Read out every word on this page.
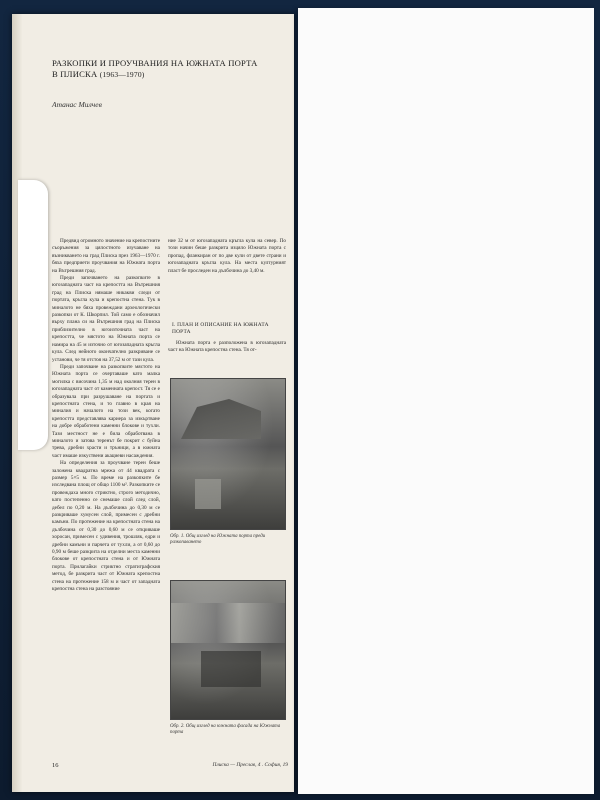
РАЗКОПКИ И ПРОУЧВАНИЯ НА ЮЖНАТА ПОРТА
В ПЛИСКА (1963—1970)
Атанас Милчев

Предвид огромното значение на крепостните съоръжения за цялостното изучаване на възникването на град Плиска през 1963—1970 г. бяха предприети проучвания на Южната порта на Вътрешния град.

Преди започването на разкопките в югозападната част на крепостта на Вътрешния град на Плиска нямаше никакви следи от портата, кръгла кула и крепостна стена. Тук в миналото не бяха провеждани археологически разкопки от К. Шкорпил. Той само е обозначил върху плана си на Вътрешния град на Плиска приблизително в югоизточната част на крепостта, че мястото на Южната порта се намира на 45 м източно от югозападната кръгла кула. След нейното окончателно разкриване се установи, че тя отстоя на 37,52 м от тази кула.

Преди започване на разкопките мястото на Южната порта се очертаваше като малка могилка с височина 1,35 м над околния терен в югозападната част от каменната крепост. Тя се е образувала при разрушаване на портата и крепостната стена, и то главно в края на миналия и началото на този век, когато крепостта представлява кариера за изкъртване на добре обработени каменни блокове и тухли. Тази местност не е била обработвана в миналото и затова теренът бе покрит с буйна трева, дребни храсти и тръници, а в южната част имаше изкуствени акациеви насаждения.

На определения за проучване терен беше заложена квадратна мрежа от 44 квадрата с размер 5×5 м. По време на разкопките бе изследвана площ от общо 1100 м². Разкопките се провеждаха много стриктно, строго методично, като постепенно се снемаше слой след слой, дебел по 0,20 м. На дълбочина до 0,30 м се разкриваше хумусен слой, примесен с дребни камъни. По протежение на крепостната стена на дълбочина от 0,30 до 0,60 м се откриваше хоросан, примесен с удивения, трошляк, едри и дребни камъни и парчета от тухли, а от 0,60 до 0,90 м беше разкрита на отделни места каменни блокове от крепостната стена и от Южната порта. Прилагайки стриктно стратиграфския метод, бе разкрита част от Южната крепостна стена на протежение 158 м и част от западната крепостна стена на разстояние

ние 32 м от югозападната кръгла кула на север. По този начин беше разкрита изцяло Южната порта с пропад, фланкиран от по две кули от двете страни и югозападната кръгла кула. На места културният пласт бе проследен на дълбочина до 3,40 м.

I. ПЛАН И ОПИСАНИЕ НА ЮЖНАТА ПОРТА

Южната порта е разположена в югозападната част на Южната крепостна стена. Тя от-

Обр. 1. Общ изглед на Южната порта преди разкопаването
Обр. 2. Общ изглед на южната фасада на Южната порта
16	Плиска — Преслав, 4 . София, 19
